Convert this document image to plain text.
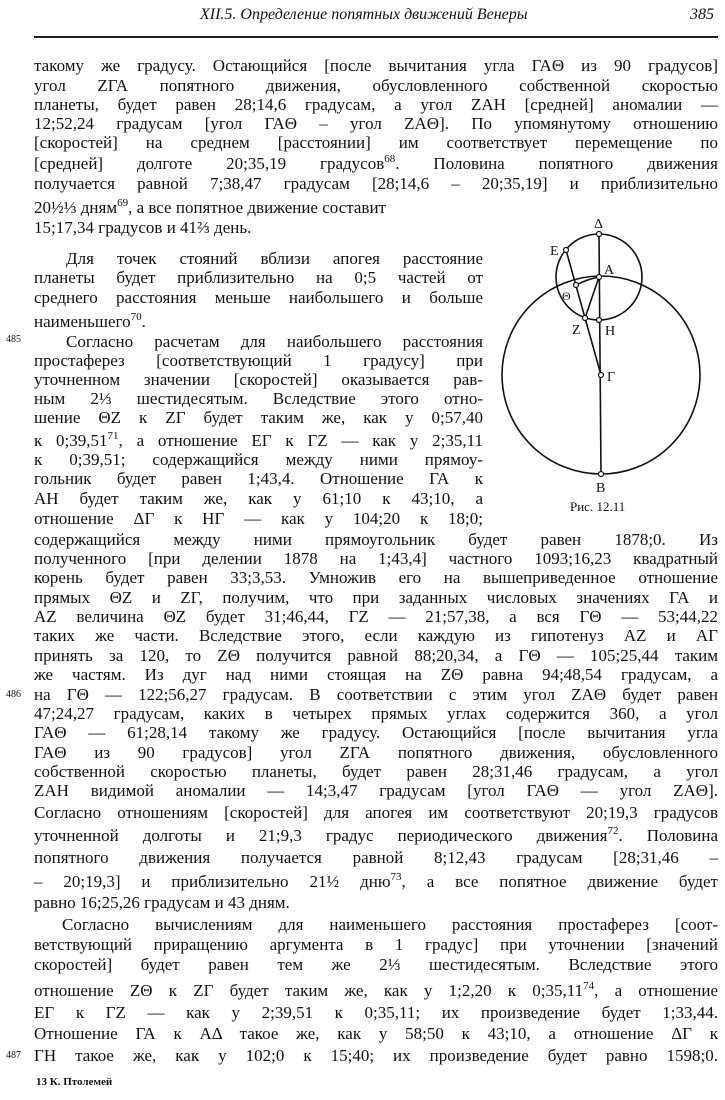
XII.5. Определение попятных движений Венеры	385
такому же градусу. Остающийся [после вычитания угла ГАΘ из 90 градусов]
угол ZГА попятного движения, обусловленного собственной скоростью
планеты, будет равен 28;14,6 градусам, а угол ZАН [средней] аномалии —
12;52,24 градусам [угол ГАΘ – угол ZАΘ]. По упомянутому отношению
[скоростей] на среднем [расстоянии] им соответствует перемещение по
[средней] долготе 20;35,19 градусов$^{68}$. Половина попятного движения
получается равной 7;38,47 градусам [28;14,6 – 20;35,19] и приблизительно
20½⅓ дням$^{69}$, а все попятное движение составит
15;17,34 градусов и 41⅔ день.
Для точек стояний вблизи апогея расстояние
планеты будет приблизительно на 0;5 частей от
среднего расстояния меньше наибольшего и больше
наименьшего$^{70}$.
Согласно расчетам для наибольшего расстояния
простаферез [соответствующий 1 градусу] при
уточненном значении [скоростей] оказывается рав-
ным 2⅓ шестидесятым. Вследствие этого отно-
шение ΘZ к ZГ будет таким же, как у 0;57,40
к 0;39,51$^{71}$, а отношение ЕГ к ГZ — как у 2;35,11
к 0;39,51; содержащийся между ними прямоу-
гольник будет равен 1;43,4. Отношение ГА к
АН будет таким же, как у 61;10 к 43;10, а
отношение ΔГ к НГ — как у 104;20 к 18;0;
содержащийся между ними прямоугольник будет равен 1878;0. Из
полученного [при делении 1878 на 1;43,4] частного 1093;16,23 квадратный
корень будет равен 33;3,53. Умножив его на вышеприведенное отношение
прямых ΘZ и ZГ, получим, что при заданных числовых значениях ГА и
АZ величина ΘZ будет 31;46,44, ГZ — 21;57,38, а вся ГΘ — 53;44,22
таких же части. Вследствие этого, если каждую из гипотенуз АZ и АГ
принять за 120, то ZΘ получится равной 88;20,34, а ГΘ — 105;25,44 таким
же частям. Из дуг над ними стоящая на ZΘ равна 94;48,54 градусам, а
на ГΘ — 122;56,27 градусам. В соответствии с этим угол ZАΘ будет равен
47;24,27 градусам, каких в четырех прямых углах содержится 360, а угол
ГАΘ — 61;28,14 такому же градусу. Остающийся [после вычитания угла
ГАΘ из 90 градусов] угол ZГА попятного движения, обусловленного
собственной скоростью планеты, будет равен 28;31,46 градусам, а угол
ZАН видимой аномалии — 14;3,47 градусам [угол ГАΘ — угол ZАΘ].
Согласно отношениям [скоростей] для апогея им соответствуют 20;19,3 градусов
уточненной долготы и 21;9,3 градус периодического движения$^{72}$. Половина
попятного движения получается равной 8;12,43 градусам [28;31,46 –
– 20;19,3] и приблизительно 21½ дню$^{73}$, а все попятное движение будет
равно 16;25,26 градусам и 43 дням.
Согласно вычислениям для наименьшего расстояния простаферез [соот-
ветствующий приращению аргумента в 1 градус] при уточнении [значений
скоростей] будет равен тем же 2⅓ шестидесятым. Вследствие этого
отношение ZΘ к ZГ будет таким же, как у 1;2,20 к 0;35,11$^{74}$, а отношение
ЕГ к ГZ — как у 2;39,51 к 0;35,11; их произведение будет 1;33,44.
Отношение ГА к АΔ такое же, как у 58;50 к 43;10, а отношение ΔГ к
ГН такое же, как у 102;0 к 15;40; их произведение будет равно 1598;0.
485
486
487
Δ
E
A
Θ
Z H
Г
B
Рис. 12.11
13 К. Птолемей
